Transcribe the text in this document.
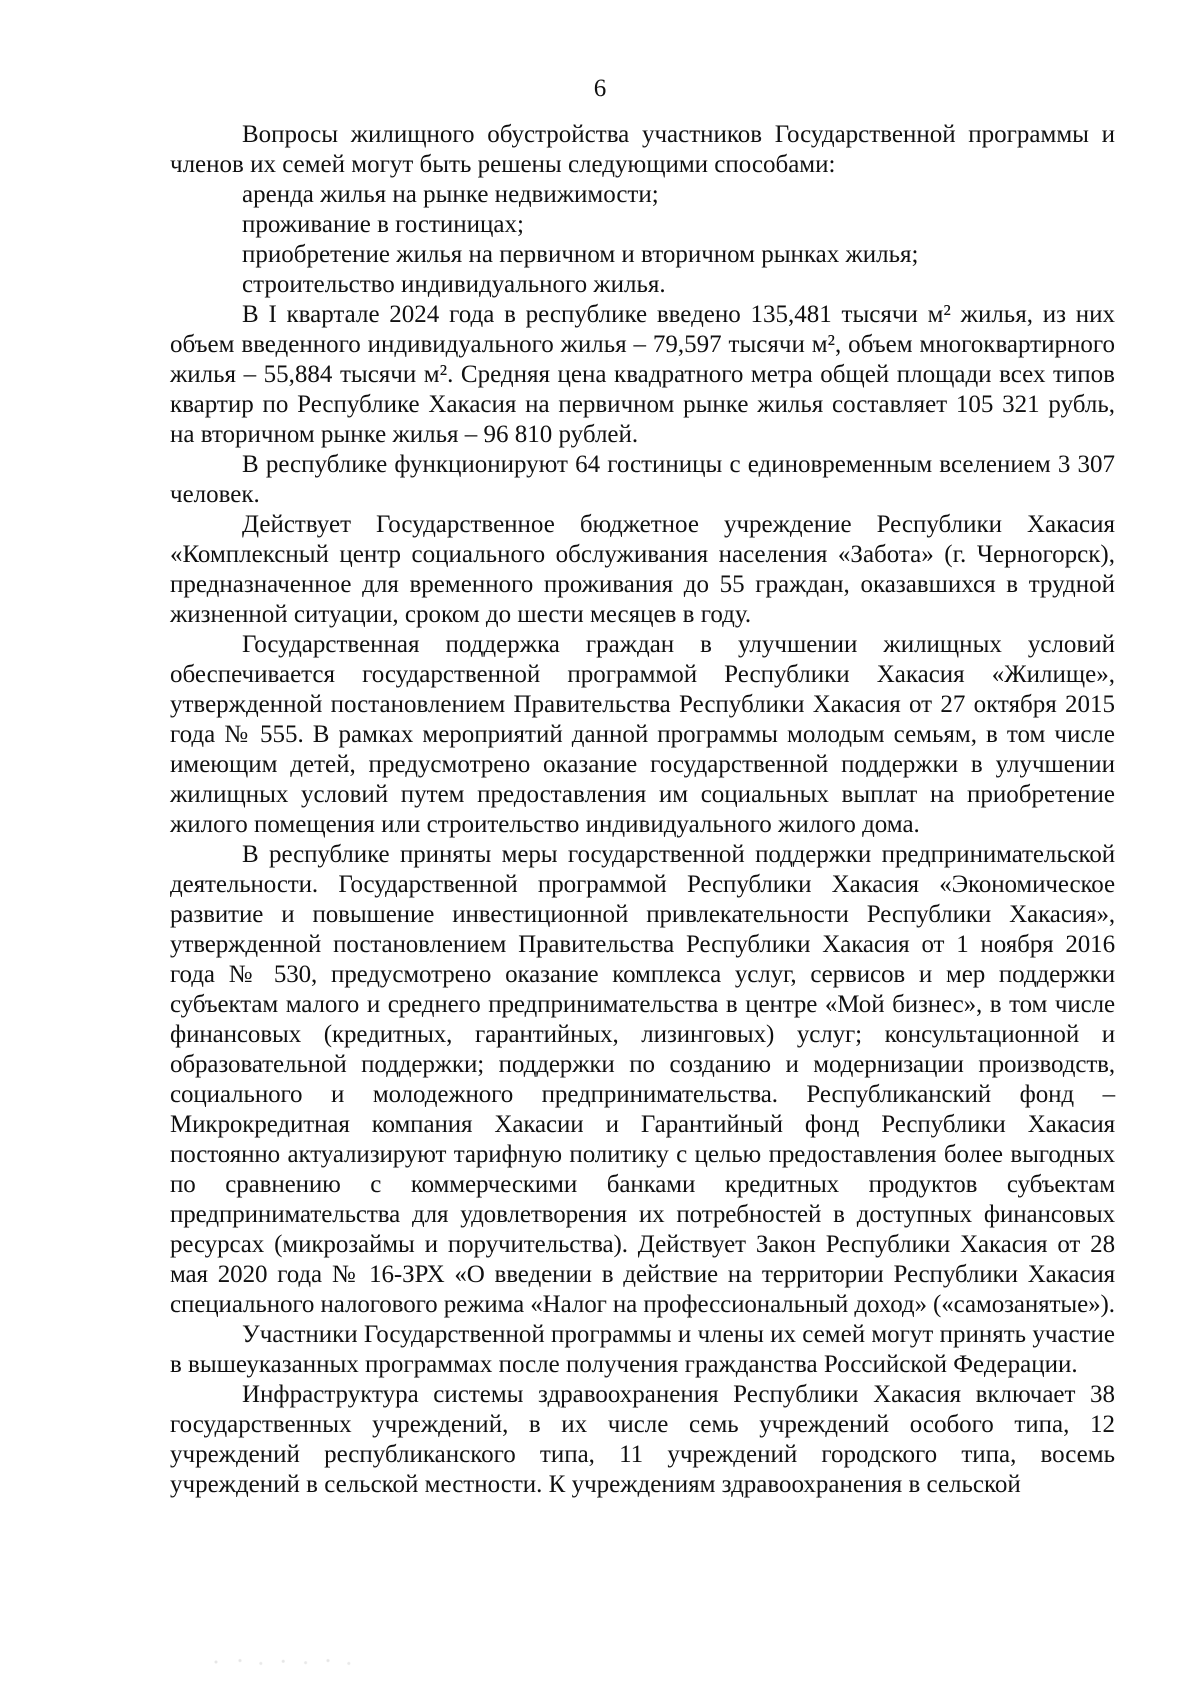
6

Вопросы жилищного обустройства участников Государственной программы и членов их семей могут быть решены следующими способами:

аренда жилья на рынке недвижимости;

проживание в гостиницах;

приобретение жилья на первичном и вторичном рынках жилья;

строительство индивидуального жилья.

В I квартале 2024 года в республике введено 135,481 тысячи м² жилья, из них объем введенного индивидуального жилья – 79,597 тысячи м², объем многоквартирного жилья – 55,884 тысячи м². Средняя цена квадратного метра общей площади всех типов квартир по Республике Хакасия на первичном рынке жилья составляет 105 321 рубль, на вторичном рынке жилья – 96 810 рублей.

В республике функционируют 64 гостиницы с единовременным вселением 3 307 человек.

Действует Государственное бюджетное учреждение Республики Хакасия «Комплексный центр социального обслуживания населения «Забота» (г. Черногорск), предназначенное для временного проживания до 55 граждан, оказавшихся в трудной жизненной ситуации, сроком до шести месяцев в году.

Государственная поддержка граждан в улучшении жилищных условий обеспечивается государственной программой Республики Хакасия «Жилище», утвержденной постановлением Правительства Республики Хакасия от 27 октября 2015 года № 555. В рамках мероприятий данной программы молодым семьям, в том числе имеющим детей, предусмотрено оказание государственной поддержки в улучшении жилищных условий путем предоставления им социальных выплат на приобретение жилого помещения или строительство индивидуального жилого дома.

В республике приняты меры государственной поддержки предпринимательской деятельности. Государственной программой Республики Хакасия «Экономическое развитие и повышение инвестиционной привлекательности Республики Хакасия», утвержденной постановлением Правительства Республики Хакасия от 1 ноября 2016 года № 530, предусмотрено оказание комплекса услуг, сервисов и мер поддержки субъектам малого и среднего предпринимательства в центре «Мой бизнес», в том числе финансовых (кредитных, гарантийных, лизинговых) услуг; консультационной и образовательной поддержки; поддержки по созданию и модернизации производств, социального и молодежного предпринимательства. Республиканский фонд – Микрокредитная компания Хакасии и Гарантийный фонд Республики Хакасия постоянно актуализируют тарифную политику с целью предоставления более выгодных по сравнению с коммерческими банками кредитных продуктов субъектам предпринимательства для удовлетворения их потребностей в доступных финансовых ресурсах (микрозаймы и поручительства). Действует Закон Республики Хакасия от 28 мая 2020 года № 16-ЗРХ «О введении в действие на территории Республики Хакасия специального налогового режима «Налог на профессиональный доход» («самозанятые»).

Участники Государственной программы и члены их семей могут принять участие в вышеуказанных программах после получения гражданства Российской Федерации.

Инфраструктура системы здравоохранения Республики Хакасия включает 38 государственных учреждений, в их числе семь учреждений особого типа, 12 учреждений республиканского типа, 11 учреждений городского типа, восемь учреждений в сельской местности. К учреждениям здравоохранения в сельской
